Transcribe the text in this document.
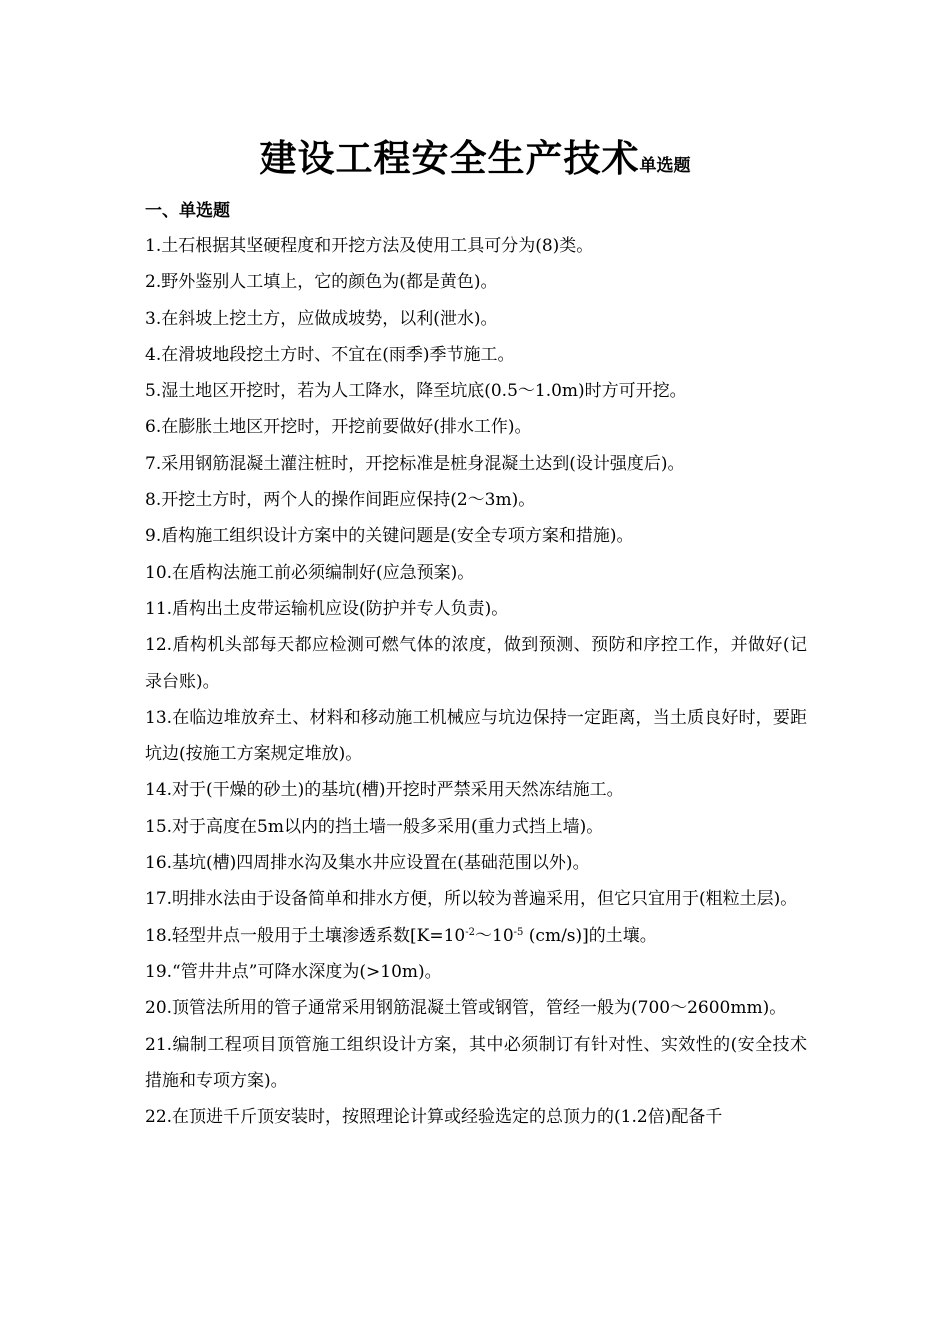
建设工程安全生产技术单选题
一、单选题
1.土石根据其坚硬程度和开挖方法及使用工具可分为(8)类。
2.野外鉴别人工填上，它的颜色为(都是黄色)。
3.在斜坡上挖土方，应做成坡势，以利(泄水)。
4.在滑坡地段挖土方时、不宜在(雨季)季节施工。
5.湿土地区开挖时，若为人工降水，降至坑底(0.5～1.0m)时方可开挖。
6.在膨胀土地区开挖时，开挖前要做好(排水工作)。
7.采用钢筋混凝土灌注桩时，开挖标准是桩身混凝土达到(设计强度后)。
8.开挖土方时，两个人的操作间距应保持(2～3m)。
9.盾构施工组织设计方案中的关键问题是(安全专项方案和措施)。
10.在盾构法施工前必须编制好(应急预案)。
11.盾构出土皮带运输机应设(防护并专人负责)。
12.盾构机头部每天都应检测可燃气体的浓度，做到预测、预防和序控工作，并做好(记录台账)。
13.在临边堆放弃土、材料和移动施工机械应与坑边保持一定距离，当土质良好时，要距坑边(按施工方案规定堆放)。
14.对于(干燥的砂土)的基坑(槽)开挖时严禁采用天然冻结施工。
15.对于高度在5m以内的挡土墙一般多采用(重力式挡上墙)。
16.基坑(槽)四周排水沟及集水井应设置在(基础范围以外)。
17.明排水法由于设备简单和排水方便，所以较为普遍采用，但它只宜用于(粗粒土层)。
18.轻型井点一般用于土壤渗透系数[$K=10^{-2}\sim 10^{-5}$ (cm/s)]的土壤。
19.“管井井点”可降水深度为(>10m)。
20.顶管法所用的管子通常采用钢筋混凝土管或钢管，管经一般为(700～2600mm)。
21.编制工程项目顶管施工组织设计方案，其中必须制订有针对性、实效性的(安全技术措施和专项方案)。
22.在顶进千斤顶安装时，按照理论计算或经验选定的总顶力的(1.2倍)配备千
